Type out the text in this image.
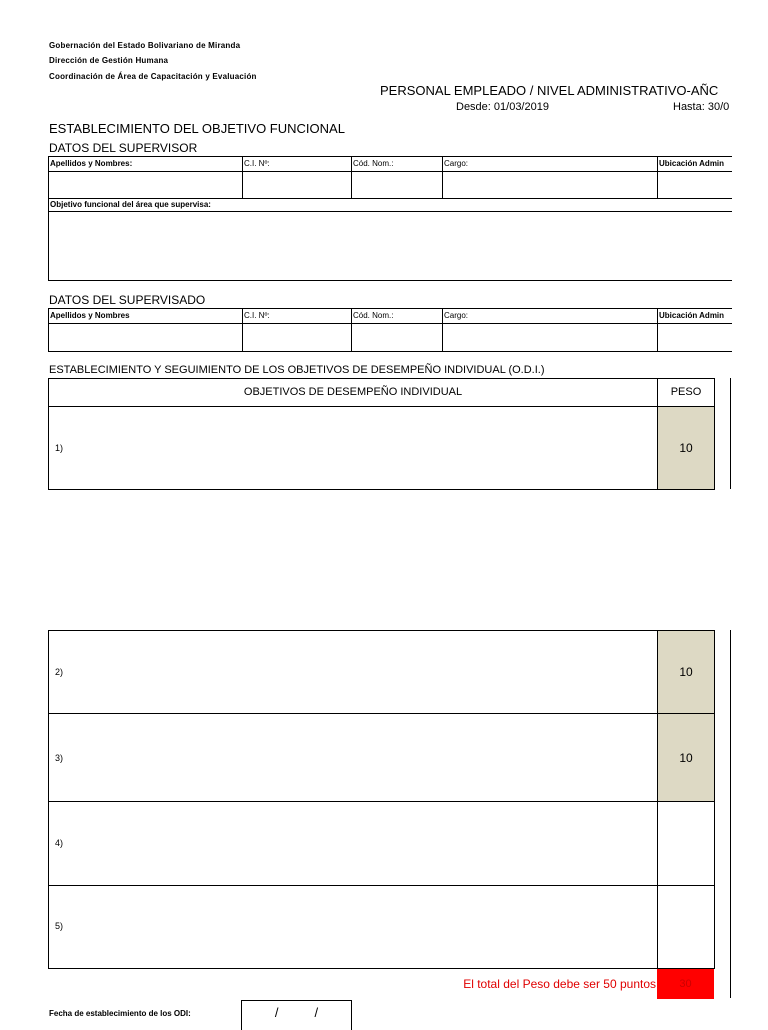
Gobernación del Estado Bolivariano de Miranda
Dirección de Gestión Humana
Coordinación de Área de Capacitación y Evaluación
PERSONAL EMPLEADO / NIVEL ADMINISTRATIVO-AÑC
Desde: 01/03/2019	Hasta: 30/0
ESTABLECIMIENTO DEL OBJETIVO FUNCIONAL
DATOS DEL SUPERVISOR
Apellidos y Nombres:	C.I. Nº:	Cód. Nom.:	Cargo:	Ubicación Admin
Objetivo funcional del área que supervisa:
DATOS DEL SUPERVISADO
Apellidos y Nombres	C.I. Nº:	Cód. Nom.:	Cargo:	Ubicación Admin
ESTABLECIMIENTO Y SEGUIMIENTO DE LOS OBJETIVOS DE DESEMPEÑO INDIVIDUAL (O.D.I.)
OBJETIVOS DE DESEMPEÑO INDIVIDUAL	PESO
1)	10
2)	10
3)	10
4)
5)
El total del Peso debe ser 50 puntos	30
Fecha de establecimiento de los ODI:	/          /
